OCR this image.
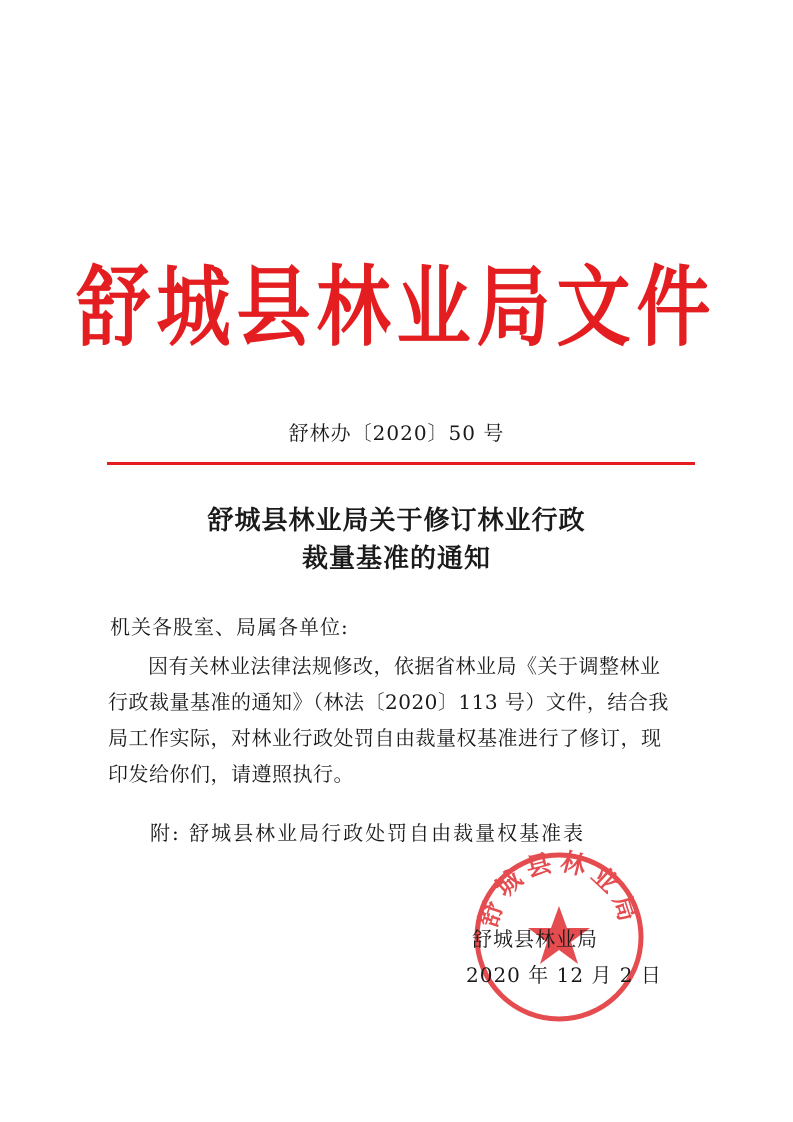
舒城县林业局文件
舒林办〔2020〕50 号
舒城县林业局关于修订林业行政
裁量基准的通知
机关各股室、局属各单位:
因有关林业法律法规修改，依据省林业局《关于调整林业
行政裁量基准的通知》（林法〔2020〕113 号）文件，结合我
局工作实际，对林业行政处罚自由裁量权基准进行了修订，现
印发给你们，请遵照执行。
附: 舒城县林业局行政处罚自由裁量权基准表
舒城县林业局
舒城县林业局
2020 年 12 月 2 日
